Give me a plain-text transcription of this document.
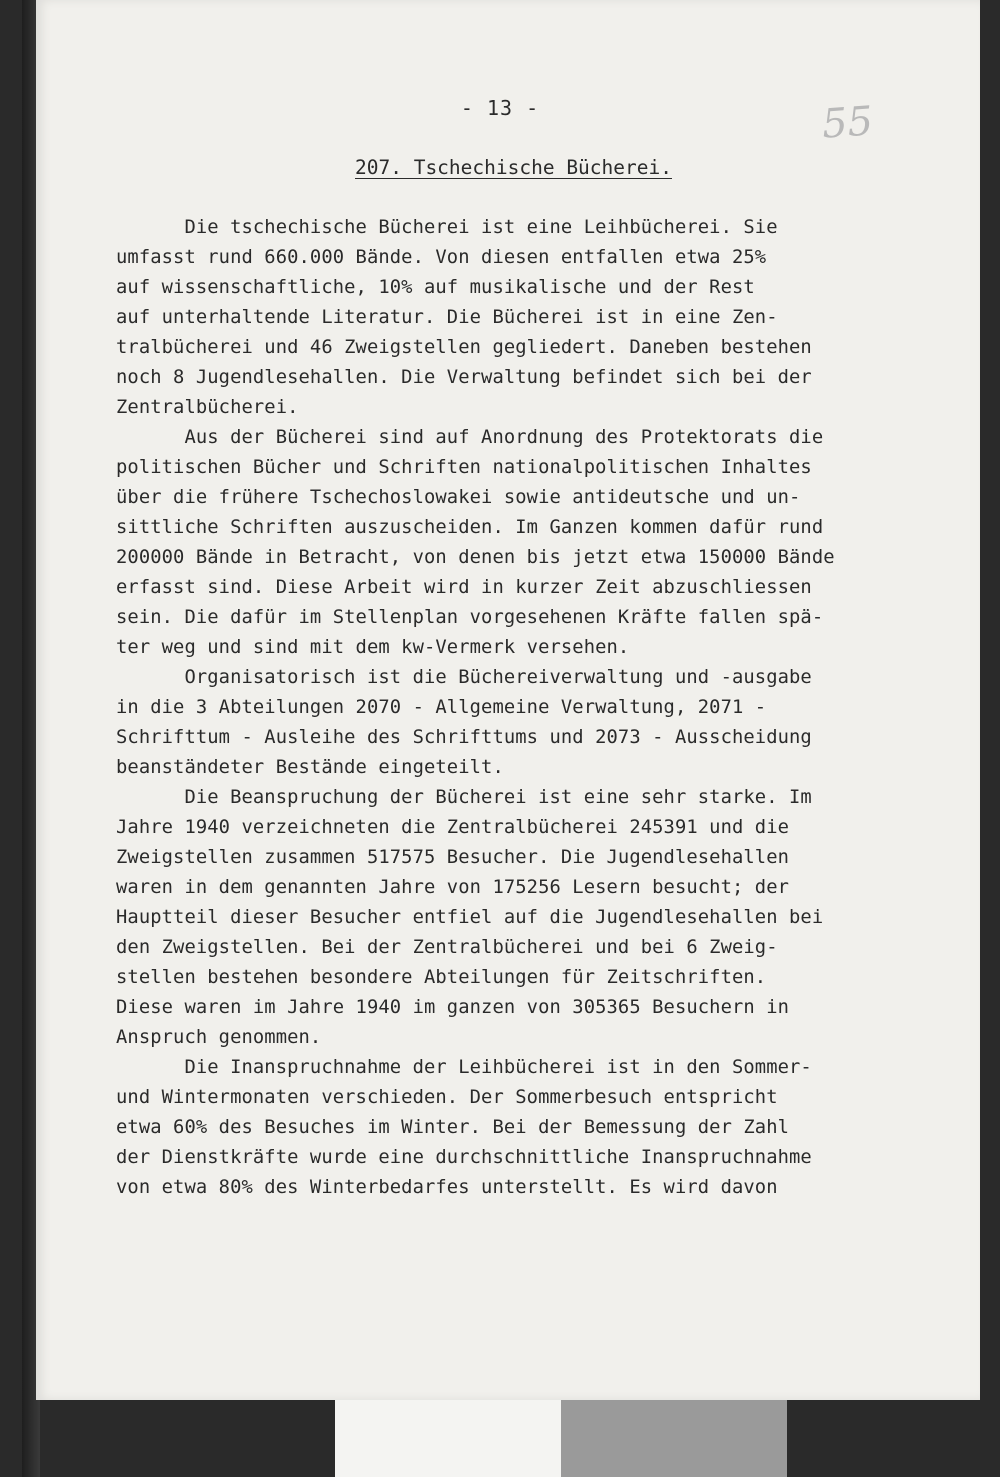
- 13 -	55
207. Tschechische Bücherei.
Die tschechische Bücherei ist eine Leihbücherei. Sie
umfasst rund 660.000 Bände. Von diesen entfallen etwa 25%
auf wissenschaftliche, 10% auf musikalische und der Rest
auf unterhaltende Literatur. Die Bücherei ist in eine Zen-
tralbücherei und 46 Zweigstellen gegliedert. Daneben bestehen
noch 8 Jugendlesehallen. Die Verwaltung befindet sich bei der
Zentralbücherei.
Aus der Bücherei sind auf Anordnung des Protektorats die
politischen Bücher und Schriften nationalpolitischen Inhaltes
über die frühere Tschechoslowakei sowie antideutsche und un-
sittliche Schriften auszuscheiden. Im Ganzen kommen dafür rund
200000 Bände in Betracht, von denen bis jetzt etwa 150000 Bände
erfasst sind. Diese Arbeit wird in kurzer Zeit abzuschliessen
sein. Die dafür im Stellenplan vorgesehenen Kräfte fallen spä-
ter weg und sind mit dem kw-Vermerk versehen.
Organisatorisch ist die Büchereiverwaltung und -ausgabe
in die 3 Abteilungen 2070 - Allgemeine Verwaltung, 2071 -
Schrifttum - Ausleihe des Schrifttums und 2073 - Ausscheidung
beanständeter Bestände eingeteilt.
Die Beanspruchung der Bücherei ist eine sehr starke. Im
Jahre 1940 verzeichneten die Zentralbücherei 245391 und die
Zweigstellen zusammen 517575 Besucher. Die Jugendlesehallen
waren in dem genannten Jahre von 175256 Lesern besucht; der
Hauptteil dieser Besucher entfiel auf die Jugendlesehallen bei
den Zweigstellen. Bei der Zentralbücherei und bei 6 Zweig-
stellen bestehen besondere Abteilungen für Zeitschriften.
Diese waren im Jahre 1940 im ganzen von 305365 Besuchern in
Anspruch genommen.
Die Inanspruchnahme der Leihbücherei ist in den Sommer-
und Wintermonaten verschieden. Der Sommerbesuch entspricht
etwa 60% des Besuches im Winter. Bei der Bemessung der Zahl
der Dienstkräfte wurde eine durchschnittliche Inanspruchnahme
von etwa 80% des Winterbedarfes unterstellt. Es wird davon
